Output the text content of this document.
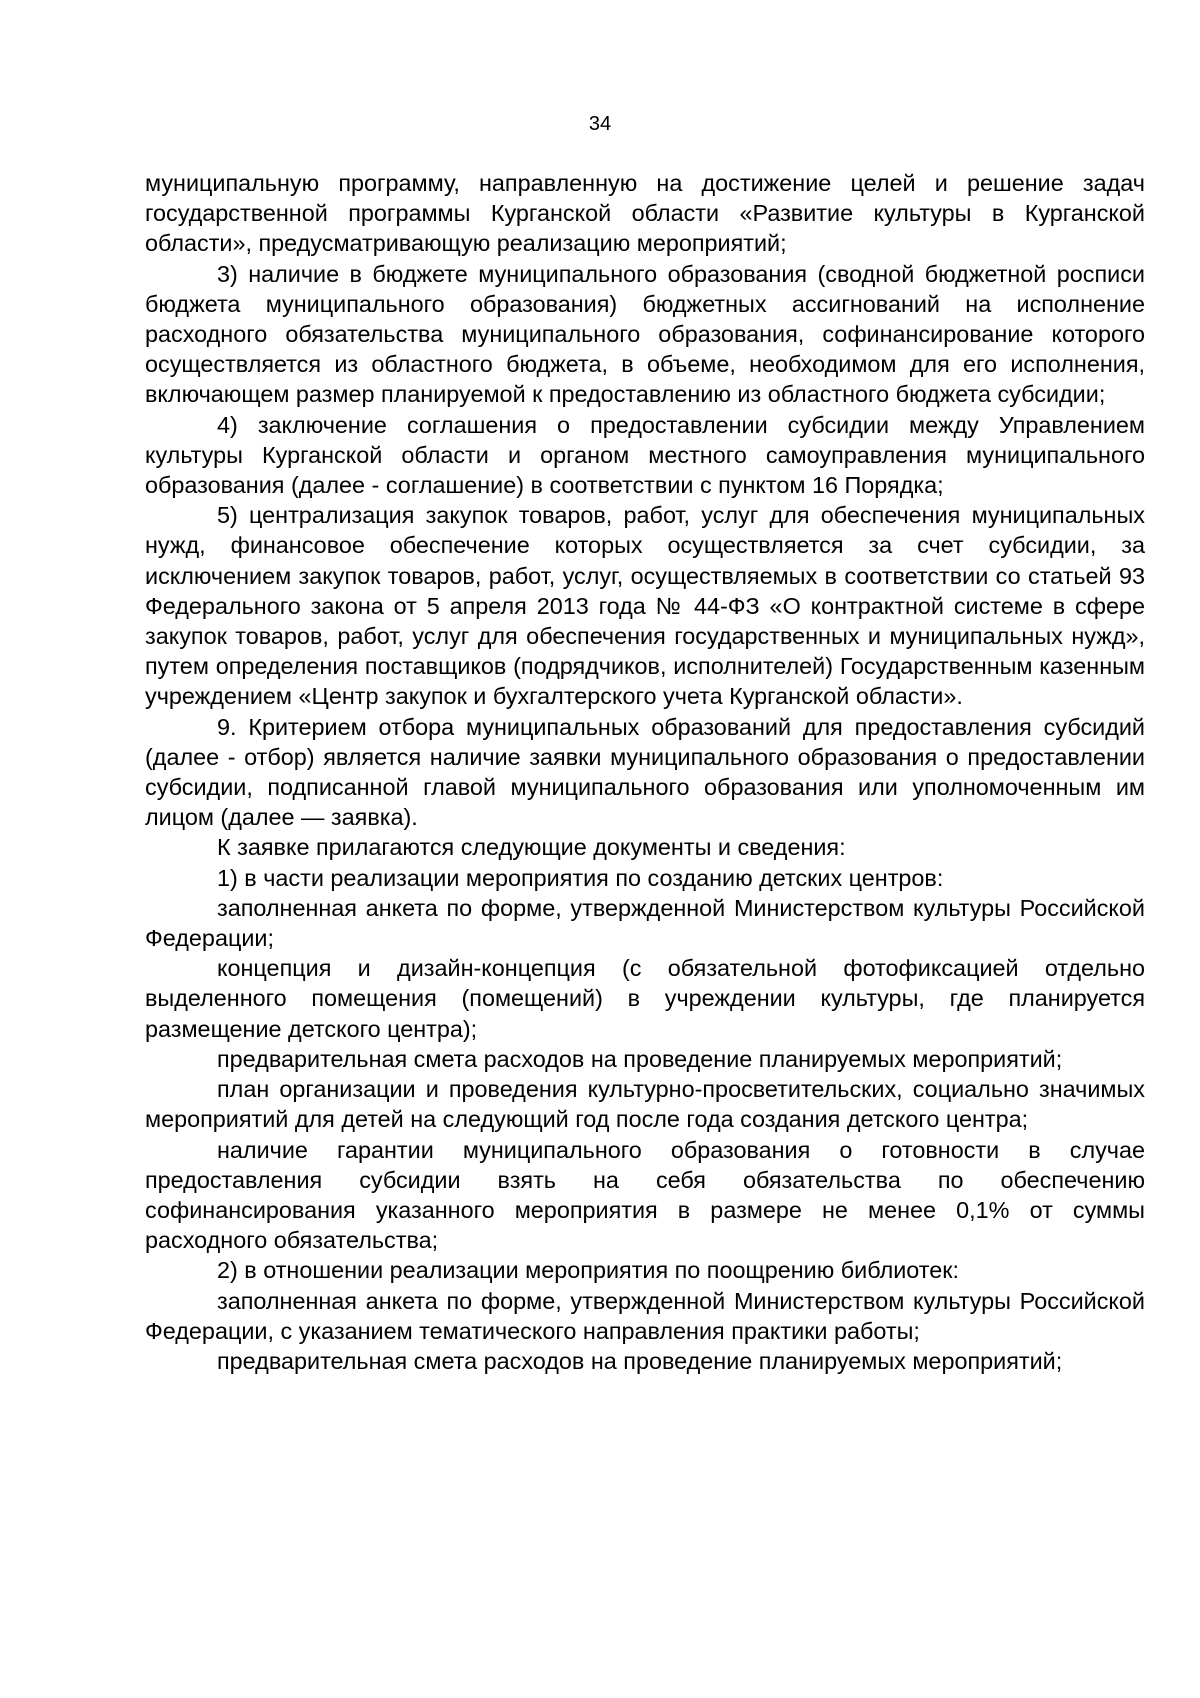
34

муниципальную программу, направленную на достижение целей и решение задач государственной программы Курганской области «Развитие культуры в Курганской области», предусматривающую реализацию мероприятий;

3) наличие в бюджете муниципального образования (сводной бюджетной росписи бюджета муниципального образования) бюджетных ассигнований на исполнение расходного обязательства муниципального образования, софинансирование которого осуществляется из областного бюджета, в объеме, необходимом для его исполнения, включающем размер планируемой к предоставлению из областного бюджета субсидии;

4) заключение соглашения о предоставлении субсидии между Управлением культуры Курганской области и органом местного самоуправления муниципального образования (далее - соглашение) в соответствии с пунктом 16 Порядка;

5) централизация закупок товаров, работ, услуг для обеспечения муниципальных нужд, финансовое обеспечение которых осуществляется за счет субсидии, за исключением закупок товаров, работ, услуг, осуществляемых в соответствии со статьей 93 Федерального закона от 5 апреля 2013 года № 44-ФЗ «О контрактной системе в сфере закупок товаров, работ, услуг для обеспечения государственных и муниципальных нужд», путем определения поставщиков (подрядчиков, исполнителей) Государственным казенным учреждением «Центр закупок и бухгалтерского учета Курганской области».

9. Критерием отбора муниципальных образований для предоставления субсидий (далее - отбор) является наличие заявки муниципального образования о предоставлении субсидии, подписанной главой муниципального образования или уполномоченным им лицом (далее — заявка).

К заявке прилагаются следующие документы и сведения:

1) в части реализации мероприятия по созданию детских центров:

заполненная анкета по форме, утвержденной Министерством культуры Российской Федерации;

концепция и дизайн-концепция (с обязательной фотофиксацией отдельно выделенного помещения (помещений) в учреждении культуры, где планируется размещение детского центра);

предварительная смета расходов на проведение планируемых мероприятий;

план организации и проведения культурно-просветительских, социально значимых мероприятий для детей на следующий год после года создания детского центра;

наличие гарантии муниципального образования о готовности в случае предоставления субсидии взять на себя обязательства по обеспечению софинансирования указанного мероприятия в размере не менее 0,1% от суммы расходного обязательства;

2) в отношении реализации мероприятия по поощрению библиотек:

заполненная анкета по форме, утвержденной Министерством культуры Российской Федерации, с указанием тематического направления практики работы;

предварительная смета расходов на проведение планируемых мероприятий;
